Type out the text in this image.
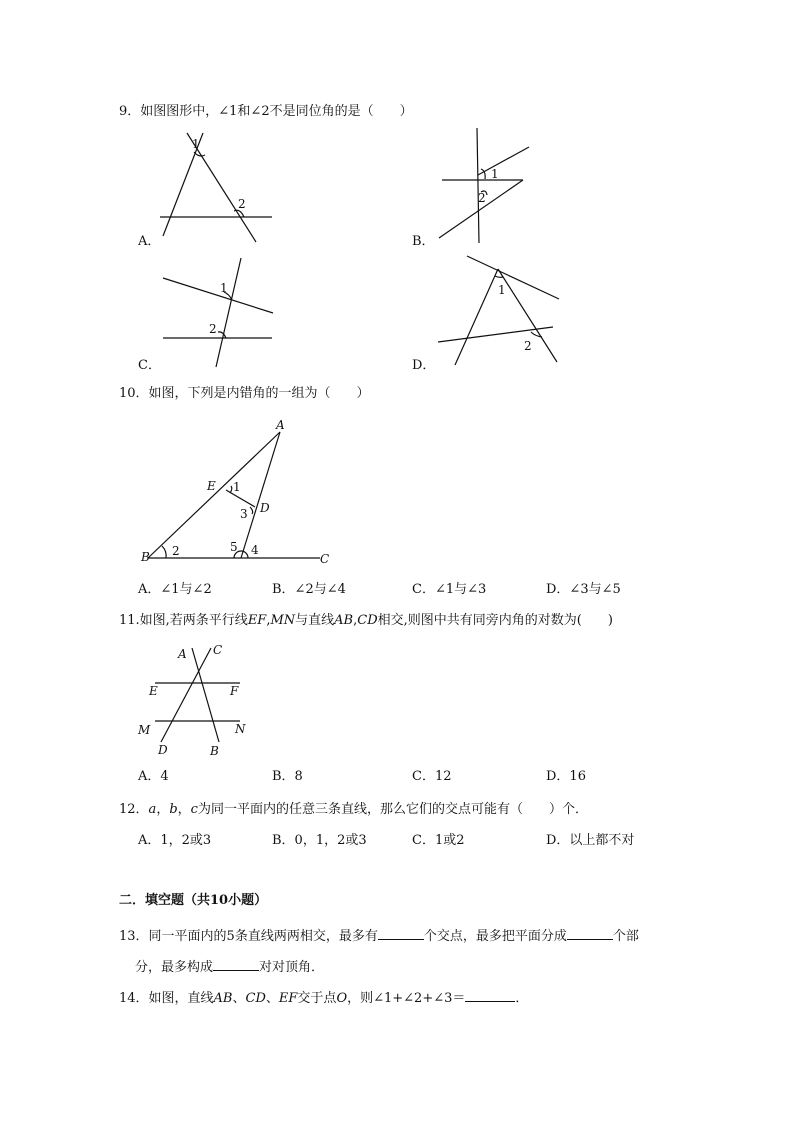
9．如图图形中，∠1和∠2不是同位角的是（　　）
1
2
A．
1
2
B．
1
2
C．
1
2
D．
10．如图，下列是内错角的一组为（　　）
A
E
D
B	C
1
3
2	5 4
A．∠1与∠2	B．∠2与∠4	C．∠1与∠3	D．∠3与∠5
11.如图,若两条平行线EF,MN与直线AB,CD相交,则图中共有同旁内角的对数为(　　)
A C
E	F
M	N
D	B
A．4	B．8	C．12	D．16
12．a，b，c为同一平面内的任意三条直线，那么它们的交点可能有（　　）个．
A．1，2或3	B．0，1，2或3	C．1或2	D．以上都不对
二．填空题（共10小题）
13．同一平面内的5条直线两两相交，最多有	个交点，最多把平面分成	个部
分，最多构成	对对顶角．
14．如图，直线AB、CD、EF交于点O，则∠1+∠2+∠3＝	．
